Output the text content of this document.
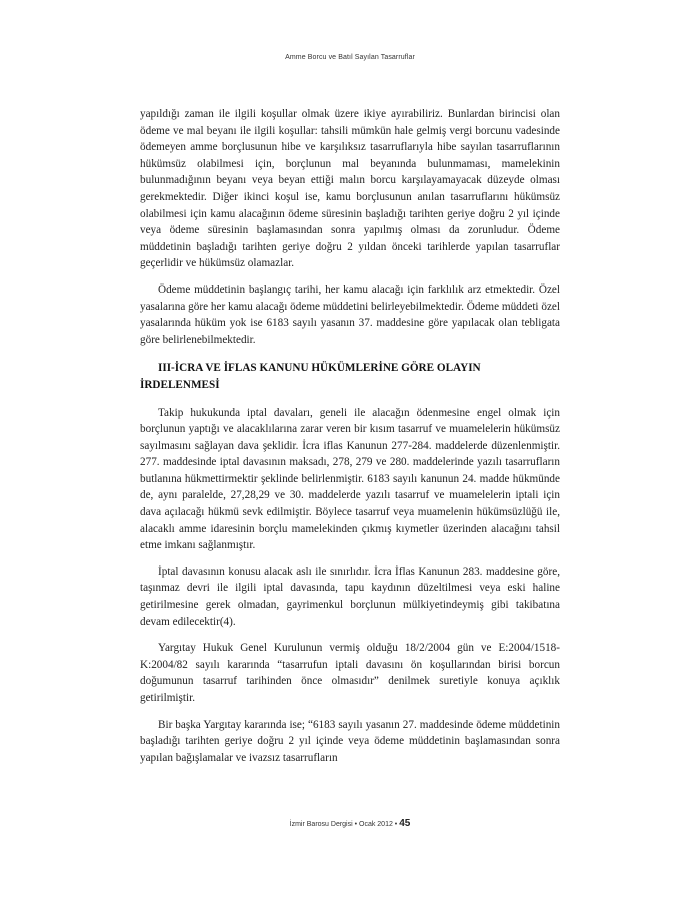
Amme Borcu ve Batıl Sayılan Tasarruflar

yapıldığı zaman ile ilgili koşullar olmak üzere ikiye ayırabiliriz. Bunlardan birincisi olan ödeme ve mal beyanı ile ilgili koşullar: tahsili mümkün hale gelmiş vergi borcunu vadesinde ödemeyen amme borçlusunun hibe ve karşılıksız tasarruflarıyla hibe sayılan tasarruflarının hükümsüz olabilmesi için, borçlunun mal beyanında bulunmaması, mamelekinin bulunmadığının beyanı veya beyan ettiği malın borcu karşılayamayacak düzeyde olması gerekmektedir. Diğer ikinci koşul ise, kamu borçlusunun anılan tasarruflarını hükümsüz olabilmesi için kamu alacağının ödeme süresinin başladığı tarihten geriye doğru 2 yıl içinde veya ödeme süresinin başlamasından sonra yapılmış olması da zorunludur. Ödeme müddetinin başladığı tarihten geriye doğru 2 yıldan önceki tarihlerde yapılan tasarruflar geçerlidir ve hükümsüz olamazlar.

Ödeme müddetinin başlangıç tarihi, her kamu alacağı için farklılık arz etmektedir. Özel yasalarına göre her kamu alacağı ödeme müddetini belirleyebilmektedir. Ödeme müddeti özel yasalarında hüküm yok ise 6183 sayılı yasanın 37. maddesine göre yapılacak olan tebligata göre belirlenebilmektedir.

III-İCRA VE İFLAS KANUNU HÜKÜMLERİNE GÖRE OLAYIN
İRDELENMESİ

Takip hukukunda iptal davaları, geneli ile alacağın ödenmesine engel olmak için borçlunun yaptığı ve alacaklılarına zarar veren bir kısım tasarruf ve muamelelerin hükümsüz sayılmasını sağlayan dava şeklidir. İcra iflas Kanunun 277-284. maddelerde düzenlenmiştir. 277. maddesinde iptal davasının maksadı, 278, 279 ve 280. maddelerinde yazılı tasarrufların butlanına hükmettirmektir şeklinde belirlenmiştir. 6183 sayılı kanunun 24. madde hükmünde de, aynı paralelde, 27,28,29 ve 30. maddelerde yazılı tasarruf ve muamelelerin iptali için dava açılacağı hükmü sevk edilmiştir. Böylece tasarruf veya muamelenin hükümsüzlüğü ile, alacaklı amme idaresinin borçlu mamelekinden çıkmış kıymetler üzerinden alacağını tahsil etme imkanı sağlanmıştır.

İptal davasının konusu alacak aslı ile sınırlıdır. İcra İflas Kanunun 283. maddesine göre, taşınmaz devri ile ilgili iptal davasında, tapu kaydının düzeltilmesi veya eski haline getirilmesine gerek olmadan, gayrimenkul borçlunun mülkiyetindeymiş gibi takibatına devam edilecektir(4).

Yargıtay Hukuk Genel Kurulunun vermiş olduğu 18/2/2004 gün ve E:2004/1518-K:2004/82 sayılı kararında “tasarrufun iptali davasını ön koşullarından birisi borcun doğumunun tasarruf tarihinden önce olmasıdır” denilmek suretiyle konuya açıklık getirilmiştir.

Bir başka Yargıtay kararında ise; “6183 sayılı yasanın 27. maddesinde ödeme müddetinin başladığı tarihten geriye doğru 2 yıl içinde veya ödeme müddetinin başlamasından sonra yapılan bağışlamalar ve ivazsız tasarrufların

İzmir Barosu Dergisi • Ocak 2012 • 45
